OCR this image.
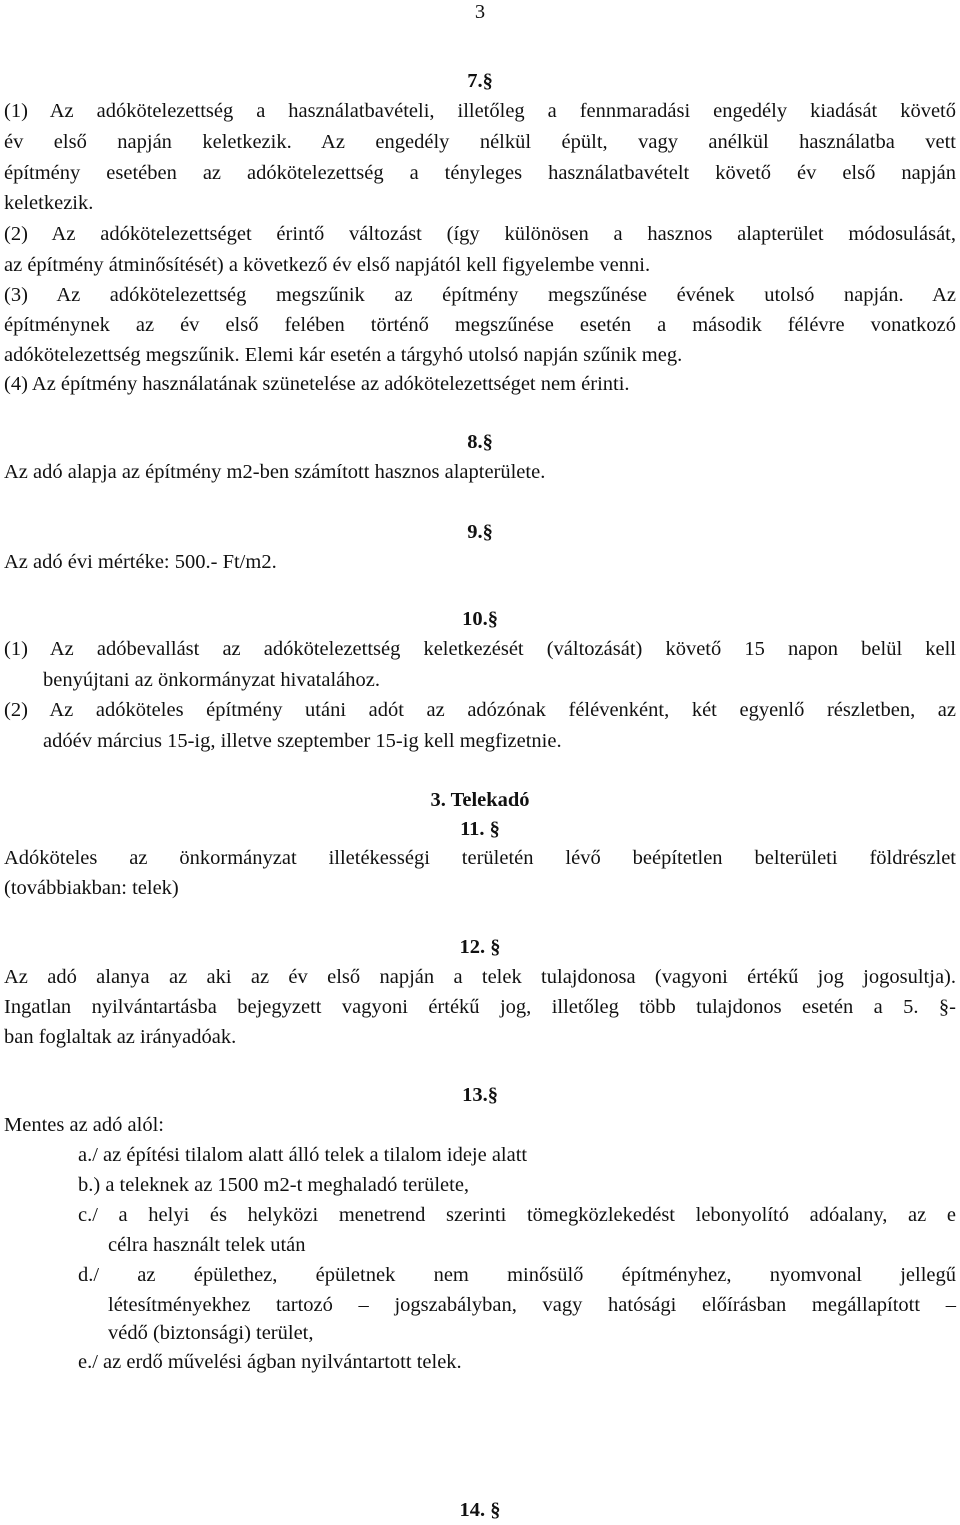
3
7.§
(1) Az adókötelezettség a használatbavételi, illetőleg a fennmaradási engedély kiadását követő
év első napján keletkezik. Az engedély nélkül épült, vagy anélkül használatba vett
építmény esetében az adókötelezettség a tényleges használatbavételt követő év első napján
keletkezik.
(2) Az adókötelezettséget érintő változást (így különösen a hasznos alapterület módosulását,
az építmény átminősítését) a következő év első napjától kell figyelembe venni.
(3) Az adókötelezettség megszűnik az építmény megszűnése évének utolsó napján. Az
építménynek az év első felében történő megszűnése esetén a második félévre vonatkozó
adókötelezettség megszűnik. Elemi kár esetén a tárgyhó utolsó napján szűnik meg.
(4) Az építmény használatának szünetelése az adókötelezettséget nem érinti.
8.§
Az adó alapja az építmény m2-ben számított hasznos alapterülete.
9.§
Az adó évi mértéke: 500.- Ft/m2.
10.§
(1) Az adóbevallást az adókötelezettség keletkezését (változását) követő 15 napon belül kell
benyújtani az önkormányzat hivatalához.
(2) Az adóköteles építmény utáni adót az adózónak félévenként, két egyenlő részletben, az
adóév március 15-ig, illetve szeptember 15-ig kell megfizetnie.
3. Telekadó
11. §
Adóköteles az önkormányzat illetékességi területén lévő beépítetlen belterületi földrészlet
(továbbiakban: telek)
12. §
Az adó alanya az aki az év első napján a telek tulajdonosa (vagyoni értékű jog jogosultja).
Ingatlan nyilvántartásba bejegyzett vagyoni értékű jog, illetőleg több tulajdonos esetén a 5. §-
ban foglaltak az irányadóak.
13.§
Mentes az adó alól:
a./ az építési tilalom alatt álló telek a tilalom ideje alatt
b.) a teleknek az 1500 m2-t meghaladó területe,
c./ a helyi és helyközi menetrend szerinti tömegközlekedést lebonyolító adóalany, az e
célra használt telek után
d./ az épülethez, épületnek nem minősülő építményhez, nyomvonal jellegű
létesítményekhez tartozó – jogszabályban, vagy hatósági előírásban megállapított –
védő (biztonsági) terület,
e./ az erdő művelési ágban nyilvántartott telek.
14. §
